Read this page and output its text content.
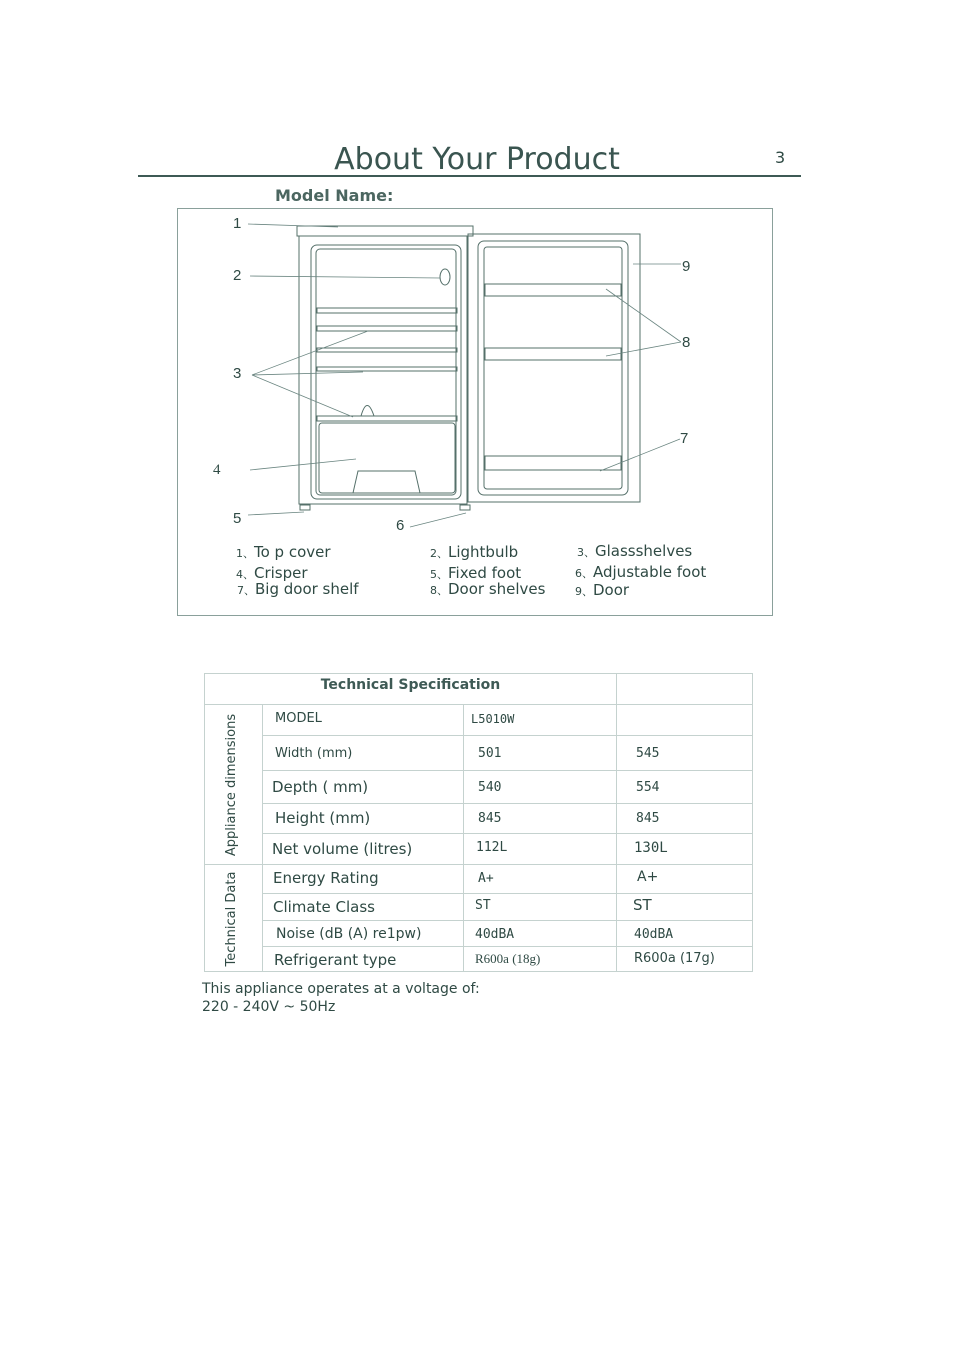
About Your Product	3
Model Name:
1
2
3
4
5	6
7
8
9
1、To p cover	2、Lightbulb	3、Glassshelves
4、Crisper	5、Fixed foot	6、Adjustable foot
7、Big door shelf	8、Door shelves	9、Door
Technical Specification
Appliance dimensions
Technical Data
MODEL	L5010W
Width (mm)	501	545
Depth ( mm)	540	554
Height (mm)	845	845
Net volume (litres)	112L	130L
Energy Rating	A+	A+
Climate Class	ST	ST
Noise (dB (A) re1pw)	40dBA	40dBA
Refrigerant type	R600a (18g)	R600a (17g)
This appliance operates at a voltage of:
220 - 240V ~ 50Hz
